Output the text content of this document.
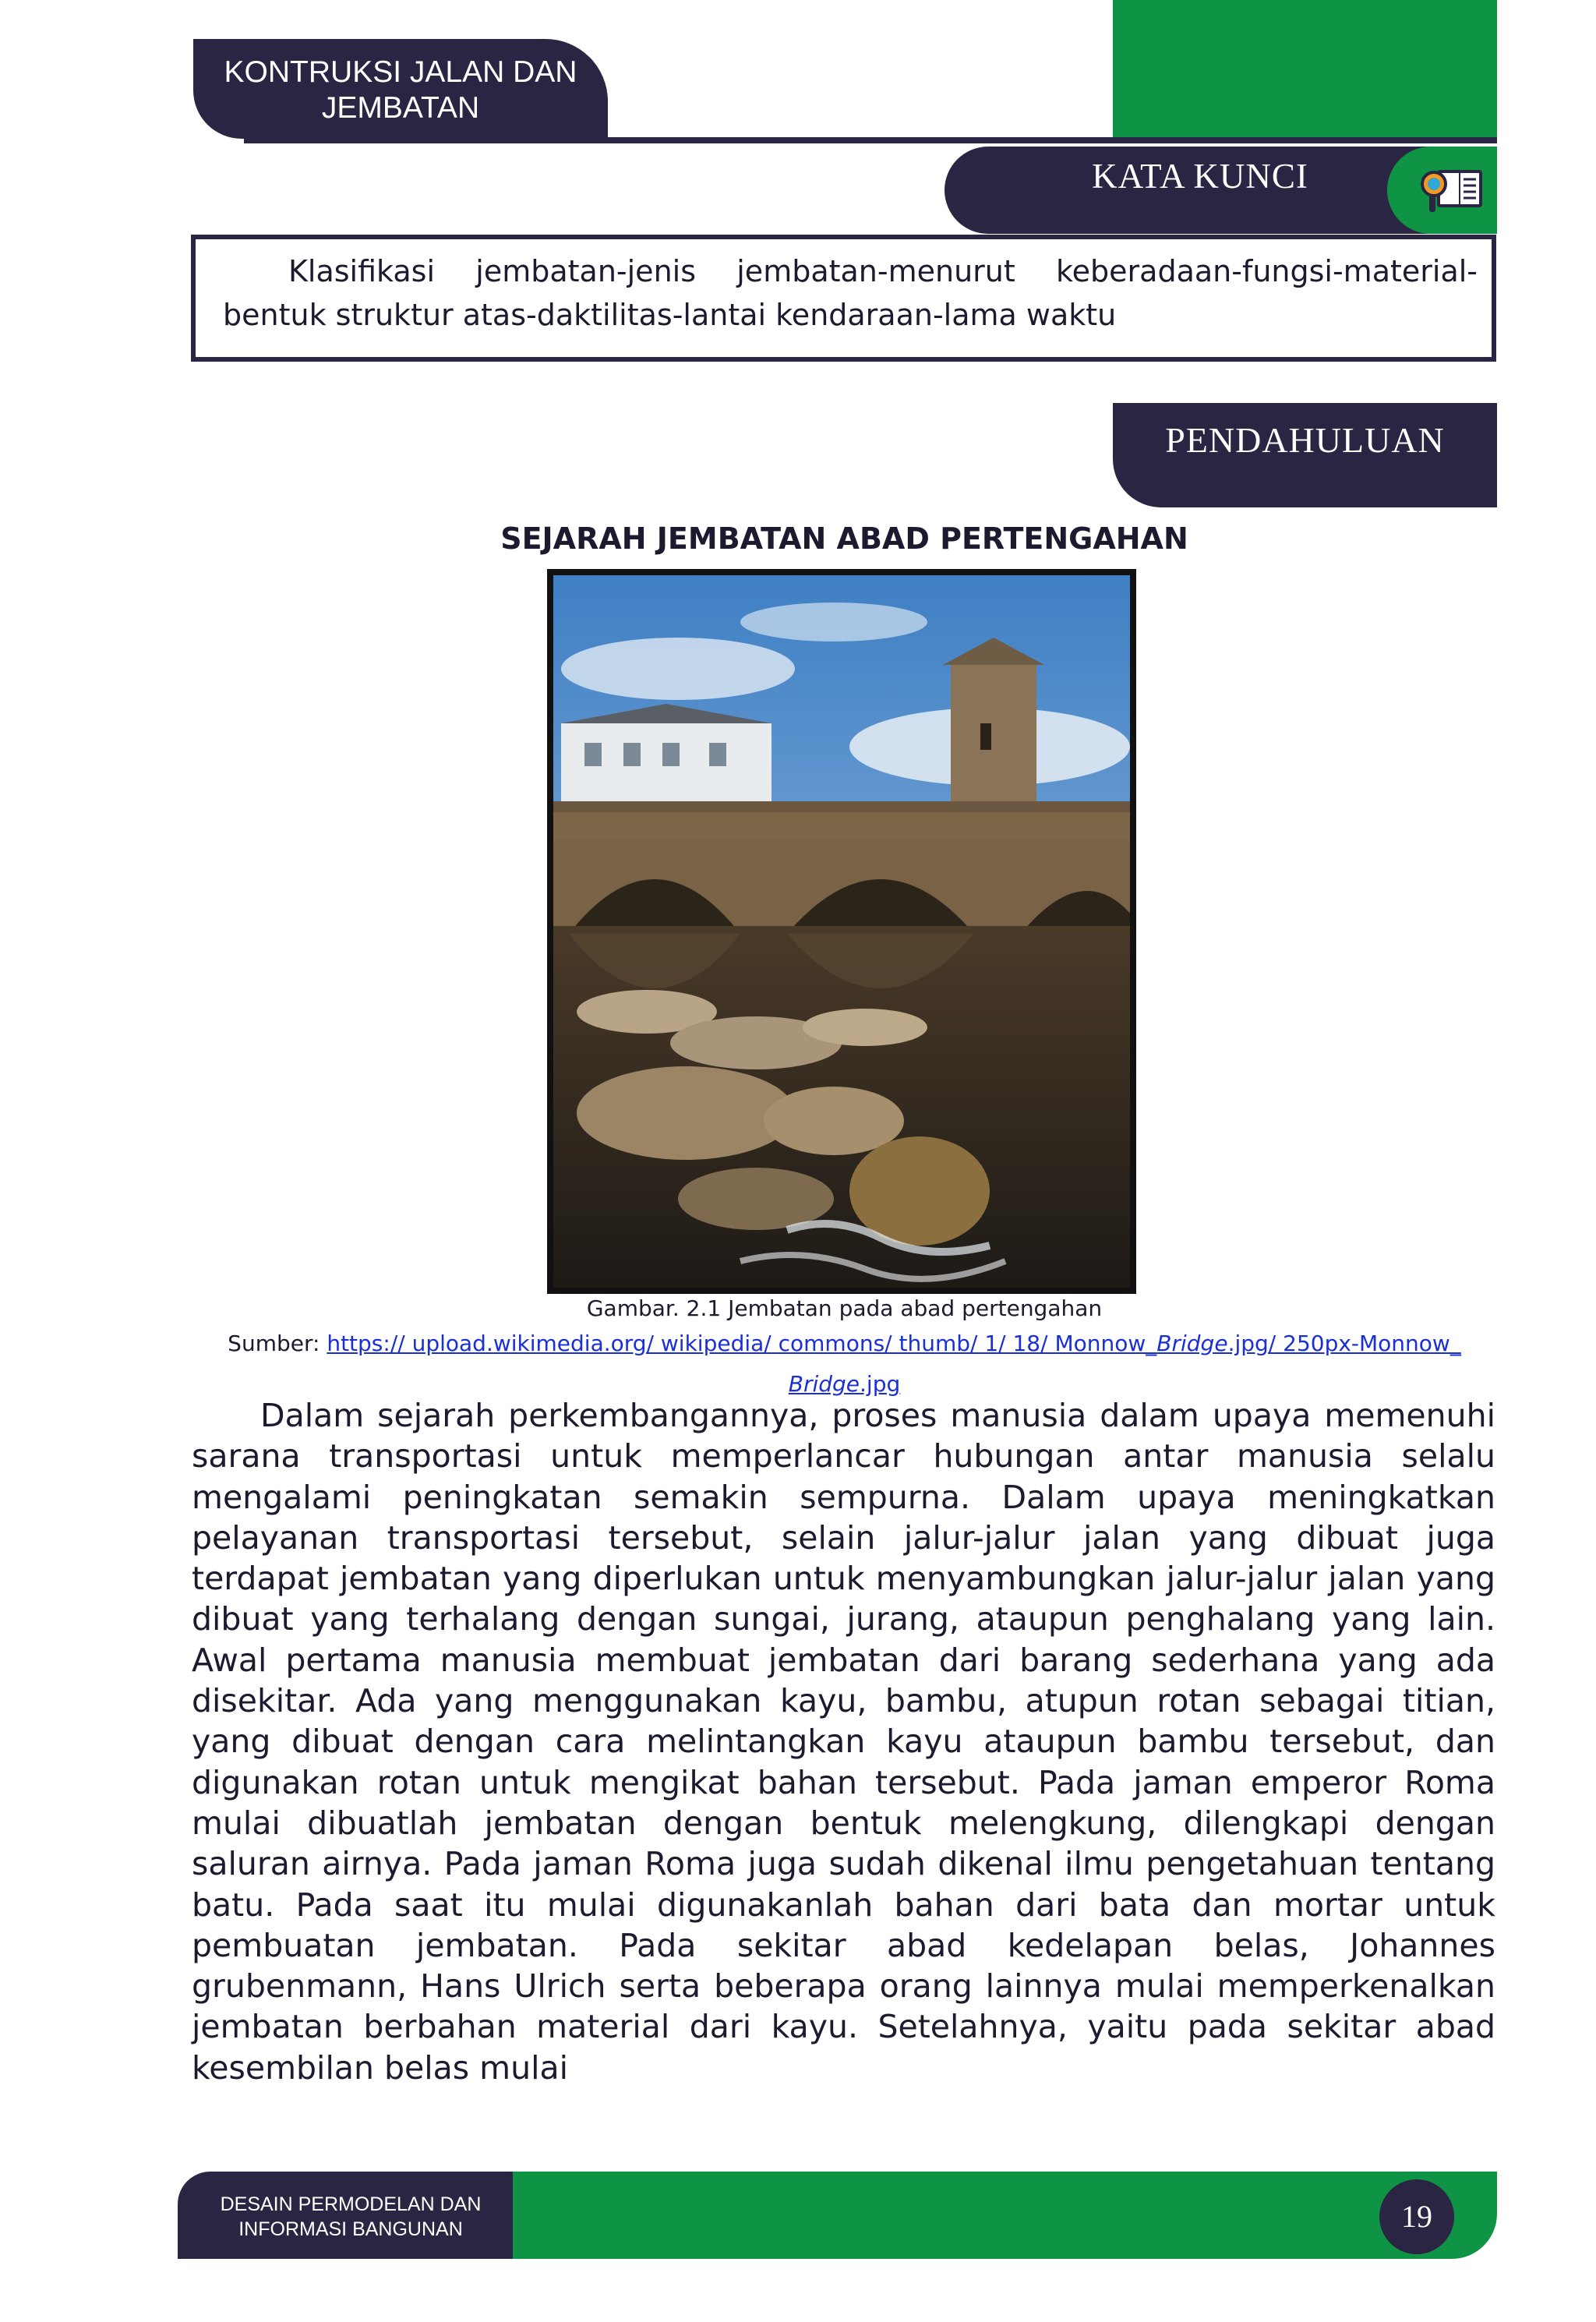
KONTRUKSI JALAN DAN
JEMBATAN
KATA KUNCI
Klasifikasi jembatan-jenis jembatan-menurut keberadaan-fungsi-material-
bentuk struktur atas-daktilitas-lantai kendaraan-lama waktu
PENDAHULUAN
SEJARAH JEMBATAN ABAD PERTENGAHAN
Gambar. 2.1 Jembatan pada abad pertengahan
Sumber: https:// upload.wikimedia.org/ wikipedia/ commons/ thumb/ 1/ 18/ Monnow_Bridge.jpg/ 250px-Monnow_
Bridge.jpg

Dalam sejarah perkembangannya, proses manusia dalam upaya memenuhi sarana transportasi untuk memperlancar hubungan antar manusia selalu mengalami peningkatan semakin sempurna. Dalam upaya meningkatkan pelayanan transportasi tersebut, selain jalur-jalur jalan yang dibuat juga terdapat jembatan yang diperlukan untuk menyambungkan jalur-jalur jalan yang dibuat yang terhalang dengan sungai, jurang, ataupun penghalang yang lain. Awal pertama manusia membuat jembatan dari barang sederhana yang ada disekitar. Ada yang menggunakan kayu, bambu, atupun rotan sebagai titian, yang dibuat dengan cara melintangkan kayu ataupun bambu tersebut, dan digunakan rotan untuk mengikat bahan tersebut. Pada jaman emperor Roma mulai dibuatlah jembatan dengan bentuk melengkung, dilengkapi dengan saluran airnya. Pada jaman Roma juga sudah dikenal ilmu pengetahuan tentang batu. Pada saat itu mulai digunakanlah bahan dari bata dan mortar untuk pembuatan jembatan. Pada sekitar abad kedelapan belas, Johannes grubenmann, Hans Ulrich serta beberapa orang lainnya mulai memperkenalkan jembatan berbahan material dari kayu. Setelahnya, yaitu pada sekitar abad kesembilan belas mulai

DESAIN PERMODELAN DAN
INFORMASI BANGUNAN	19
